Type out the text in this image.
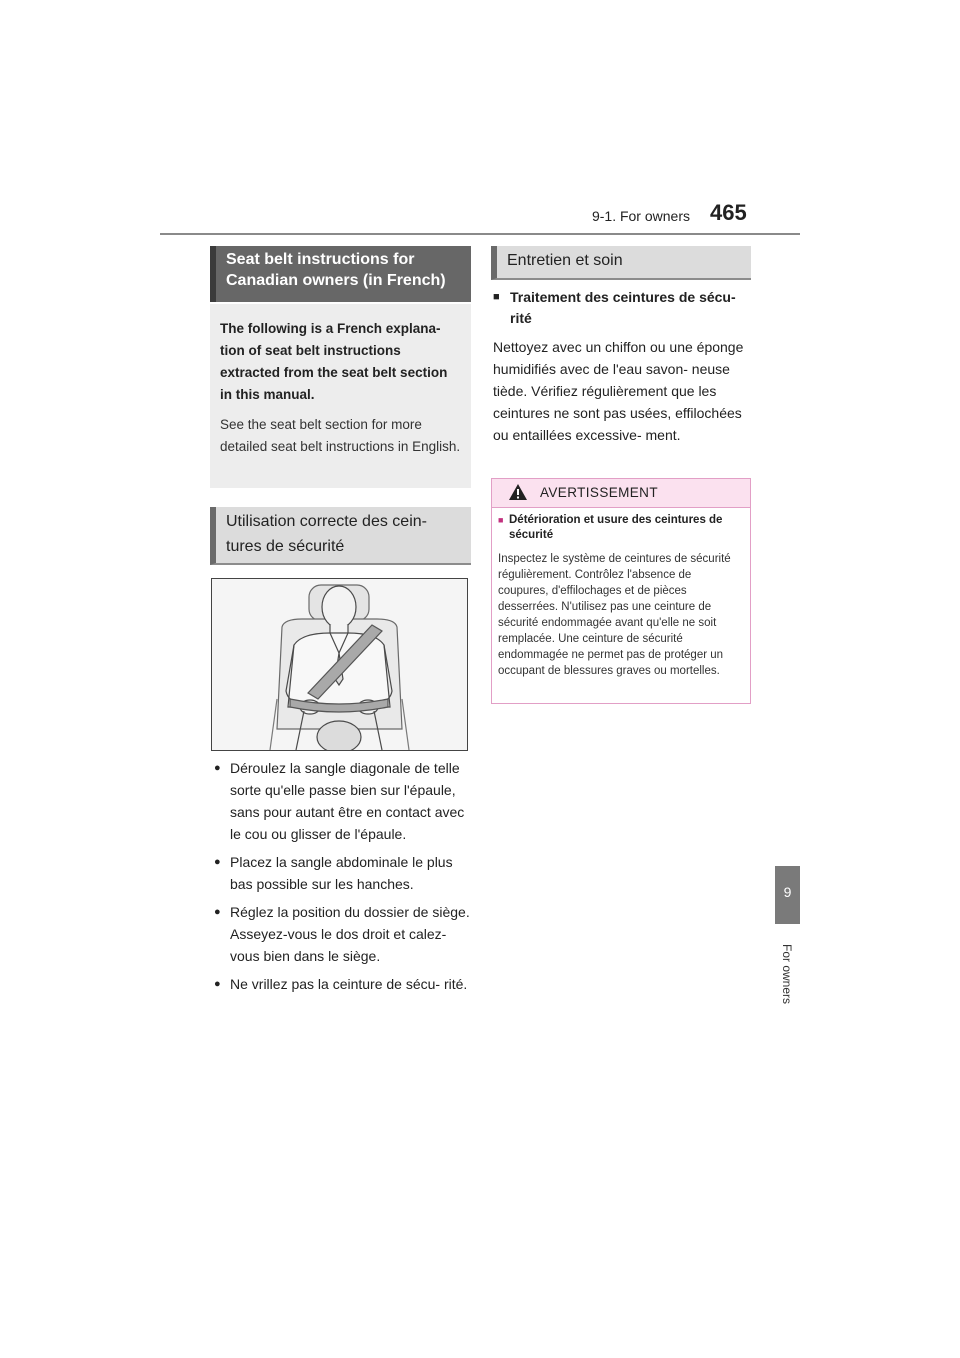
9-1. For owners 465
9
For owners
Seat belt instructions for Canadian owners (in French)

The following is a French explana- tion of seat belt instructions extracted from the seat belt section in this manual.

See the seat belt section for more detailed seat belt instructions in English.

Utilisation correcte des cein- tures de sécurité
● Déroulez la sangle diagonale de telle sorte qu'elle passe bien sur l'épaule, sans pour autant être en contact avec le cou ou glisser de l'épaule.
● Placez la sangle abdominale le plus bas possible sur les hanches.
● Réglez la position du dossier de siège. Asseyez-vous le dos droit et calez-vous bien dans le siège.
● Ne vrillez pas la ceinture de sécu- rité.
Entretien et soin
■ Traitement des ceintures de sécu- rité
Nettoyez avec un chiffon ou une éponge humidifiés avec de l'eau savon- neuse tiède. Vérifiez régulièrement que les ceintures ne sont pas usées, effilochées ou entaillées excessive- ment.
AVERTISSEMENT
■ Détérioration et usure des ceintures de sécurité
Inspectez le système de ceintures de sécurité régulièrement. Contrôlez l'absence de coupures, d'effilochages et de pièces desserrées. N'utilisez pas une ceinture de sécurité endommagée avant qu'elle ne soit remplacée. Une ceinture de sécurité endommagée ne permet pas de protéger un occupant de blessures graves ou mortelles.
